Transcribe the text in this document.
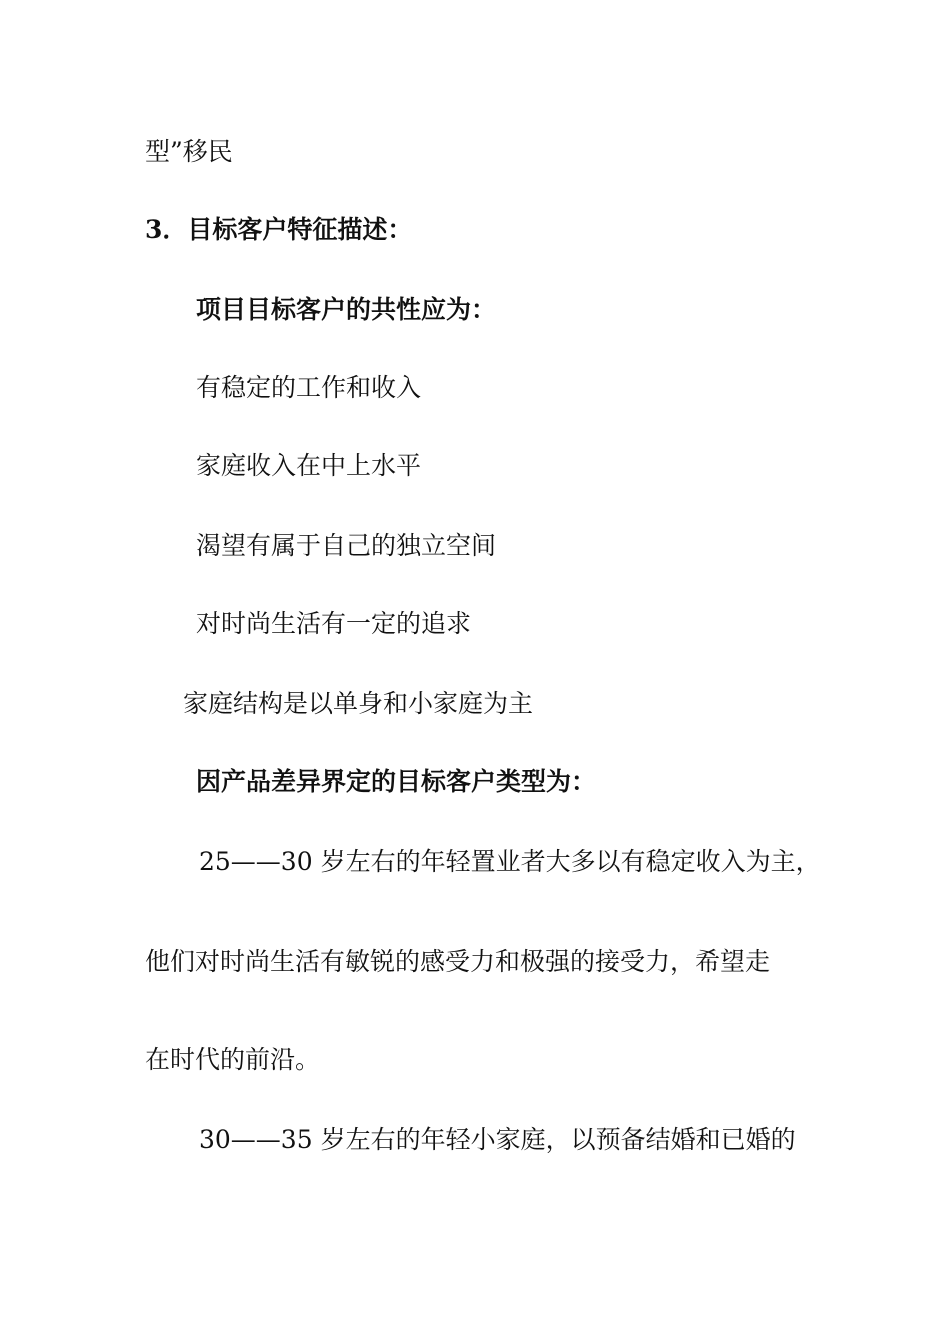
型”移民
3．目标客户特征描述：
项目目标客户的共性应为：
有稳定的工作和收入
家庭收入在中上水平
渴望有属于自己的独立空间
对时尚生活有一定的追求
家庭结构是以单身和小家庭为主
因产品差异界定的目标客户类型为：
25——30 岁左右的年轻置业者大多以有稳定收入为主，
他们对时尚生活有敏锐的感受力和极强的接受力，希望走
在时代的前沿。
30——35 岁左右的年轻小家庭，以预备结婚和已婚的
